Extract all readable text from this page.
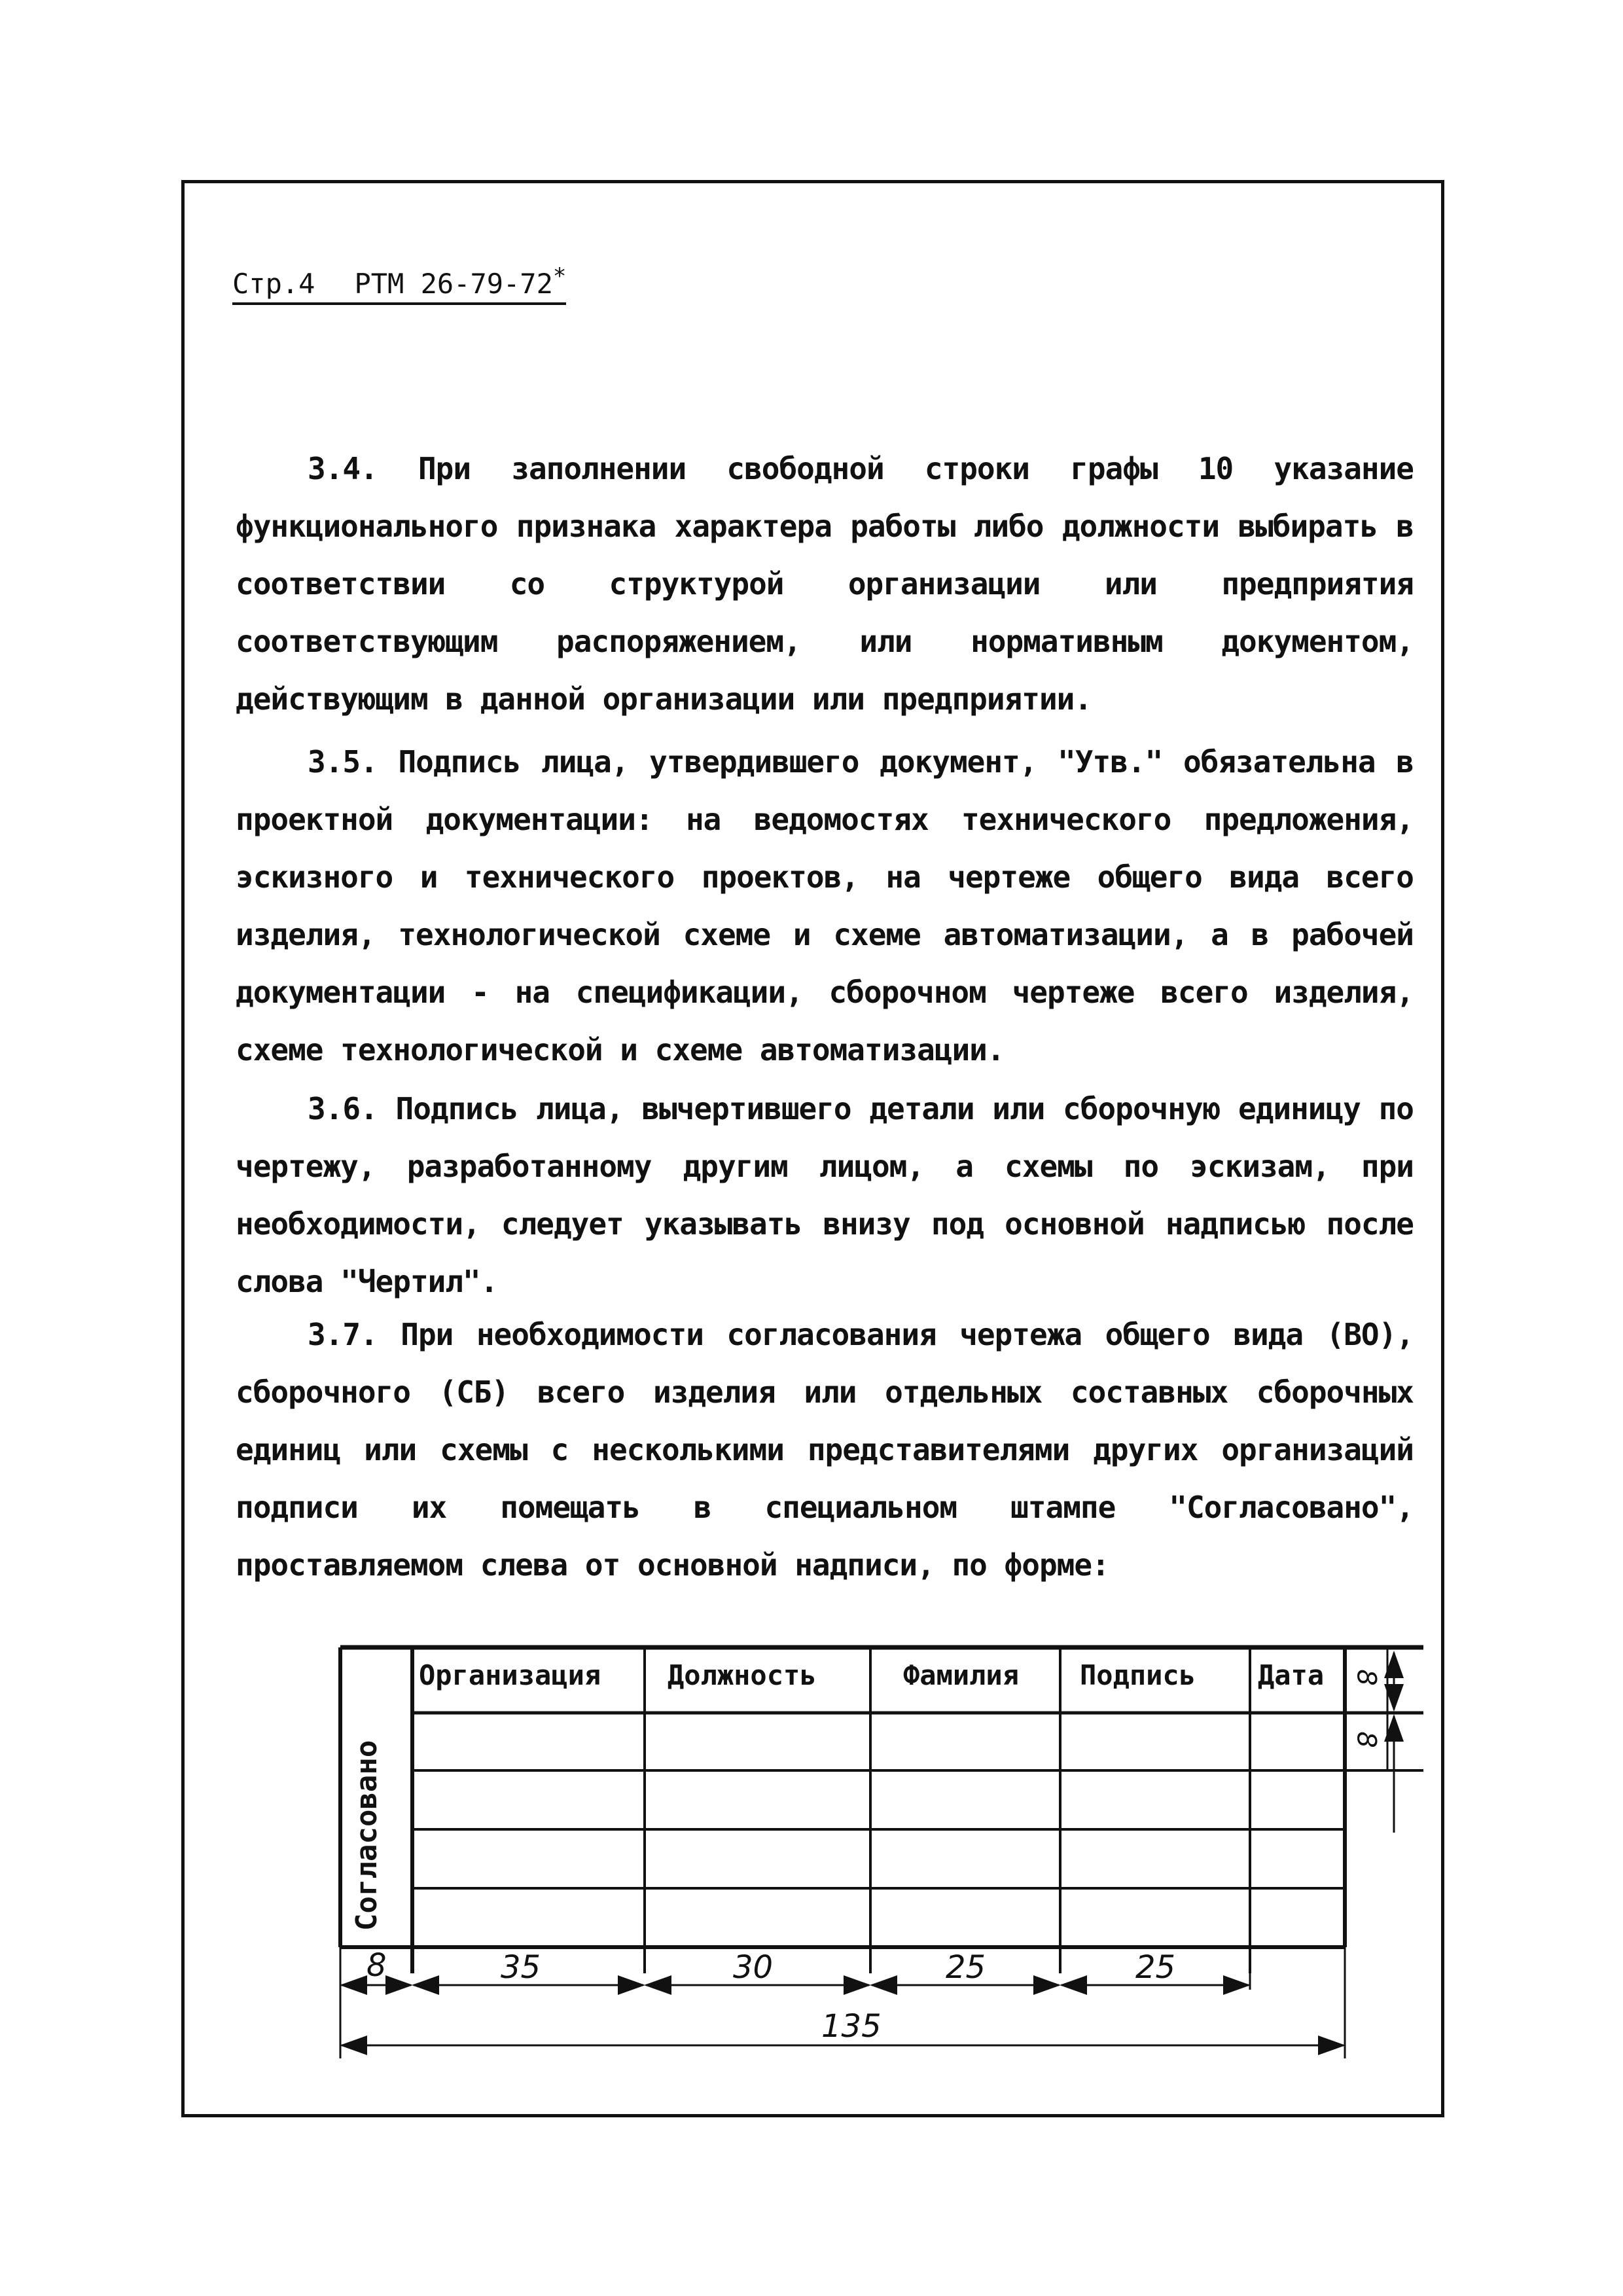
Стр.4 РТМ 26-79-72*

3.4. При заполнении свободной строки графы 10 указание функционального признака характера работы либо должности выбирать в соответствии со структурой организации или предприятия соответствующим распоряжением, или нормативным документом, действующим в данной организации или предприятии.

3.5. Подпись лица, утвердившего документ, "Утв." обязательна в проектной документации: на ведомостях технического предложения, эскизного и технического проектов, на чертеже общего вида всего изделия, технологической схеме и схеме автоматизации, а в рабочей документации - на спецификации, сборочном чертеже всего изделия, схеме технологической и схеме автоматизации.

3.6. Подпись лица, вычертившего детали или сборочную единицу по чертежу, разработанному другим лицом, а схемы по эскизам, при необходимости, следует указывать внизу под основной надписью после слова "Чертил".

3.7. При необходимости согласования чертежа общего вида (ВО), сборочного (СБ) всего изделия или отдельных составных сборочных единиц или схемы с несколькими представителями других организаций подписи их помещать в специальном штампе "Согласовано", проставляемом слева от основной надписи, по форме:

Согласовано
Организация Должность	Фамилия Подпись Дата
8	35	30	25	25
135
8
8
